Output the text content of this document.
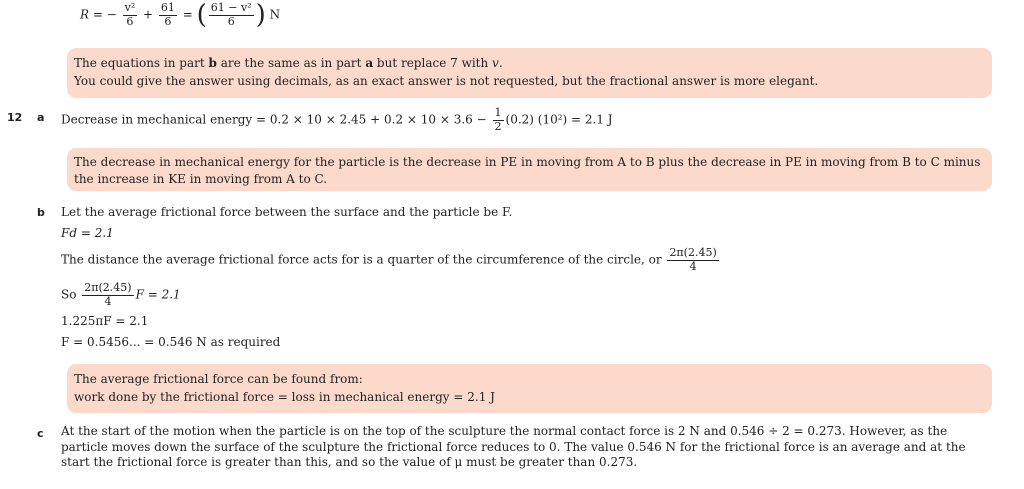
R = − $\frac{\text{v²}}{6} + \frac{61}{6}$ = ( $\frac{\text{61 − v²}}{6}$ ) N
The equations in part b are the same as in part a but replace 7 with v.
You could give the answer using decimals, as an exact answer is not requested, but the fractional answer is more elegant.
12 a Decrease in mechanical energy = $0.2 \times 10 \times 2.45 + 0.2 \times 10 \times 3.6 - \frac{1}{2} (0.2) (10^2) = 2.1$ J
The decrease in mechanical energy for the particle is the decrease in PE in moving from A to B plus the decrease in PE in moving from B to C minus the increase in KE in moving from A to C.
b Let the average frictional force between the surface and the particle be F.
Fd = 2.1
The distance the average frictional force acts for is a quarter of the circumference of the circle, or $\frac{2\pi(2.45)}{4}$
So $\frac{2\pi(2.45)}{4}$ F = 2.1
1.225πF = 2.1
F = 0.5456... = 0.546 N as required
The average frictional force can be found from:
work done by the frictional force = loss in mechanical energy = 2.1 J
c At the start of the motion when the particle is on the top of the sculpture the normal contact force is 2 N and 0.546 ÷ 2 = 0.273. However, as the particle moves down the surface of the sculpture the frictional force reduces to 0. The value 0.546 N for the frictional force is an average and at the start the frictional force is greater than this, and so the value of μ must be greater than 0.273.
